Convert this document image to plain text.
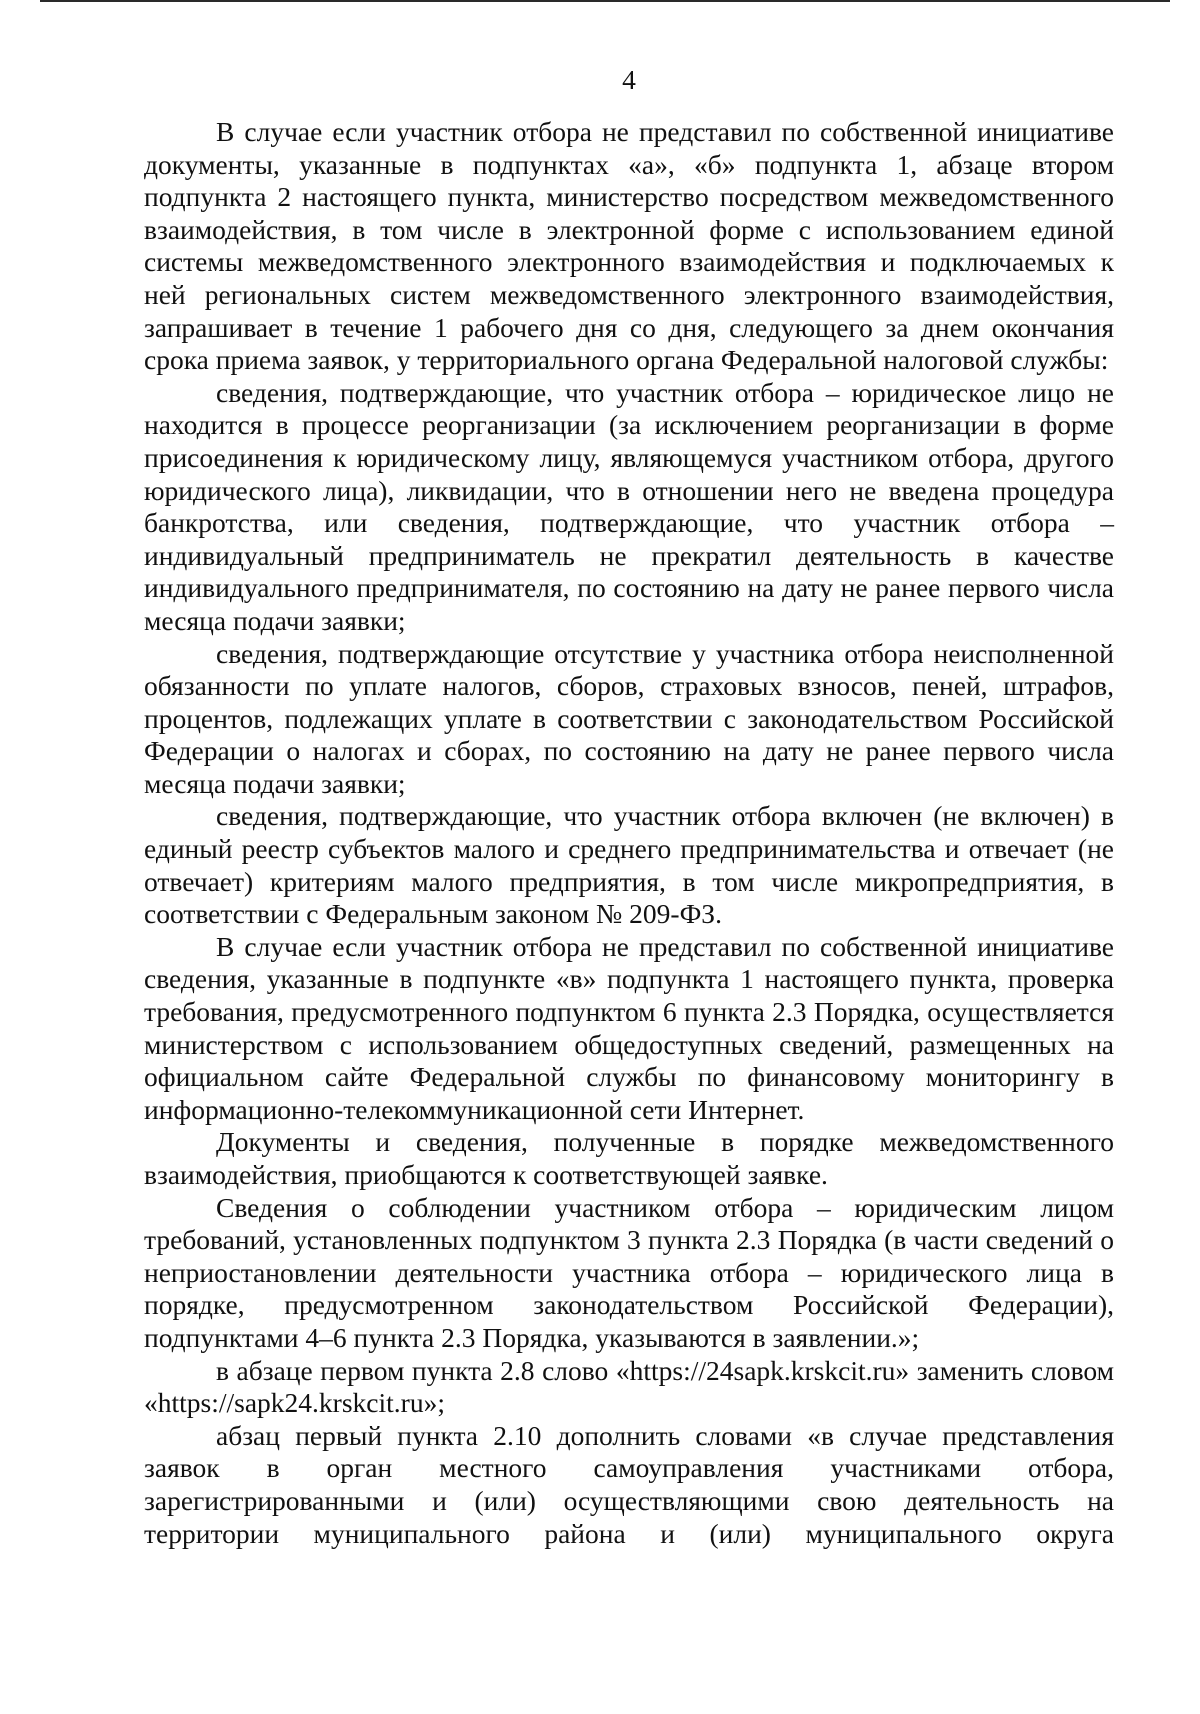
4

В случае если участник отбора не представил по собственной инициативе документы, указанные в подпунктах «а», «б» подпункта 1, абзаце втором подпункта 2 настоящего пункта, министерство посредством межведомственного взаимодействия, в том числе в электронной форме с использованием единой системы межведомственного электронного взаимодействия и подключаемых к ней региональных систем межведомственного электронного взаимодействия, запрашивает в течение 1 рабочего дня со дня, следующего за днем окончания срока приема заявок, у территориального органа Федеральной налоговой службы:

сведения, подтверждающие, что участник отбора – юридическое лицо не находится в процессе реорганизации (за исключением реорганизации в форме присоединения к юридическому лицу, являющемуся участником отбора, другого юридического лица), ликвидации, что в отношении него не введена процедура банкротства, или сведения, подтверждающие, что участник отбора – индивидуальный предприниматель не прекратил деятельность в качестве индивидуального предпринимателя, по состоянию на дату не ранее первого числа месяца подачи заявки;

сведения, подтверждающие отсутствие у участника отбора неисполненной обязанности по уплате налогов, сборов, страховых взносов, пеней, штрафов, процентов, подлежащих уплате в соответствии с законодательством Российской Федерации о налогах и сборах, по состоянию на дату не ранее первого числа месяца подачи заявки;

сведения, подтверждающие, что участник отбора включен (не включен) в единый реестр субъектов малого и среднего предпринимательства и отвечает (не отвечает) критериям малого предприятия, в том числе микропредприятия, в соответствии с Федеральным законом № 209-ФЗ.

В случае если участник отбора не представил по собственной инициативе сведения, указанные в подпункте «в» подпункта 1 настоящего пункта, проверка требования, предусмотренного подпунктом 6 пункта 2.3 Порядка, осуществляется министерством с использованием общедоступных сведений, размещенных на официальном сайте Федеральной службы по финансовому мониторингу в информационно-телекоммуникационной сети Интернет.

Документы и сведения, полученные в порядке межведомственного взаимодействия, приобщаются к соответствующей заявке.

Сведения о соблюдении участником отбора – юридическим лицом требований, установленных подпунктом 3 пункта 2.3 Порядка (в части сведений о неприостановлении деятельности участника отбора – юридического лица в порядке, предусмотренном законодательством Российской Федерации), подпунктами 4–6 пункта 2.3 Порядка, указываются в заявлении.»;

в абзаце первом пункта 2.8 слово «https://24sapk.krskcit.ru» заменить словом «https://sapk24.krskcit.ru»;

абзац первый пункта 2.10 дополнить словами «в случае представления заявок в орган местного самоуправления участниками отбора, зарегистрированными и (или) осуществляющими свою деятельность на территории муниципального района и (или) муниципального округа
